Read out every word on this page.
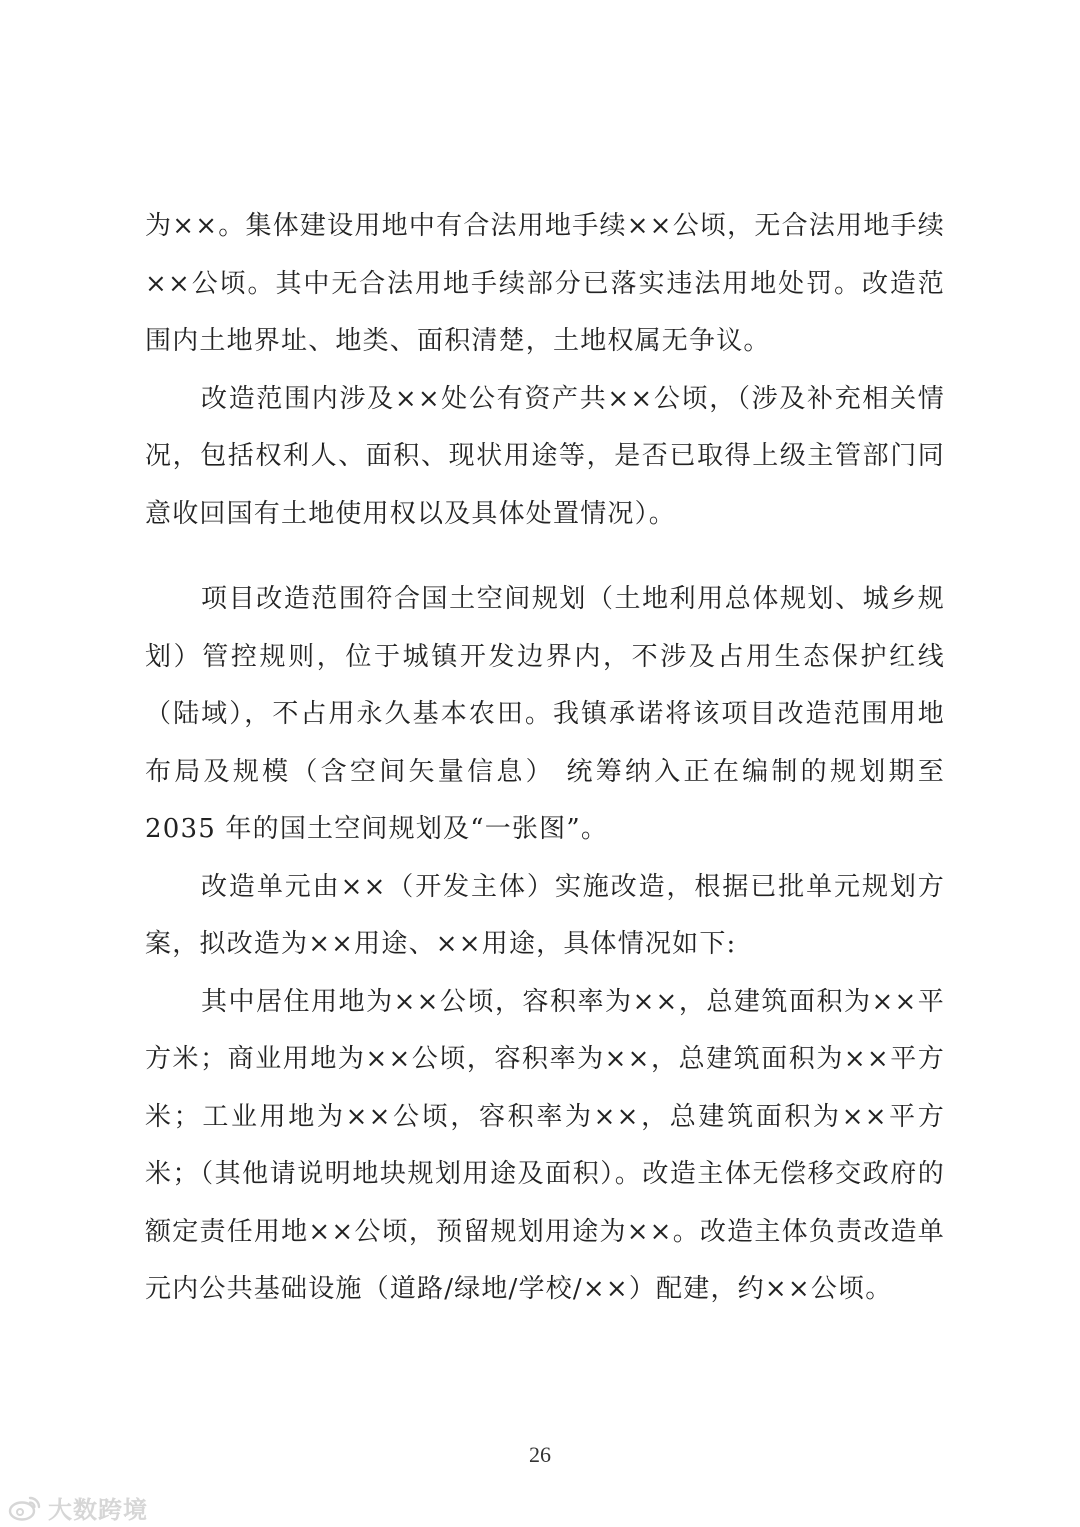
为××。集体建设用地中有合法用地手续××公顷，无合法用地手续××公顷。其中无合法用地手续部分已落实违法用地处罚。改造范围内土地界址、地类、面积清楚，土地权属无争议。

改造范围内涉及××处公有资产共××公顷，（涉及补充相关情况，包括权利人、面积、现状用途等，是否已取得上级主管部门同意收回国有土地使用权以及具体处置情况）。

项目改造范围符合国土空间规划（土地利用总体规划、城乡规划）管控规则，位于城镇开发边界内，不涉及占用生态保护红线（陆域），不占用永久基本农田。我镇承诺将该项目改造范围用地布局及规模（含空间矢量信息） 统筹纳入正在编制的规划期至 2035 年的国土空间规划及“一张图”。

改造单元由××（开发主体）实施改造，根据已批单元规划方案，拟改造为××用途、××用途，具体情况如下:

其中居住用地为××公顷，容积率为××，总建筑面积为××平方米；商业用地为××公顷，容积率为××，总建筑面积为××平方米；工业用地为××公顷，容积率为××，总建筑面积为××平方米；（其他请说明地块规划用途及面积）。改造主体无偿移交政府的额定责任用地××公顷，预留规划用途为××。改造主体负责改造单元内公共基础设施（道路/绿地/学校/××）配建，约××公顷。

26
大数跨境
